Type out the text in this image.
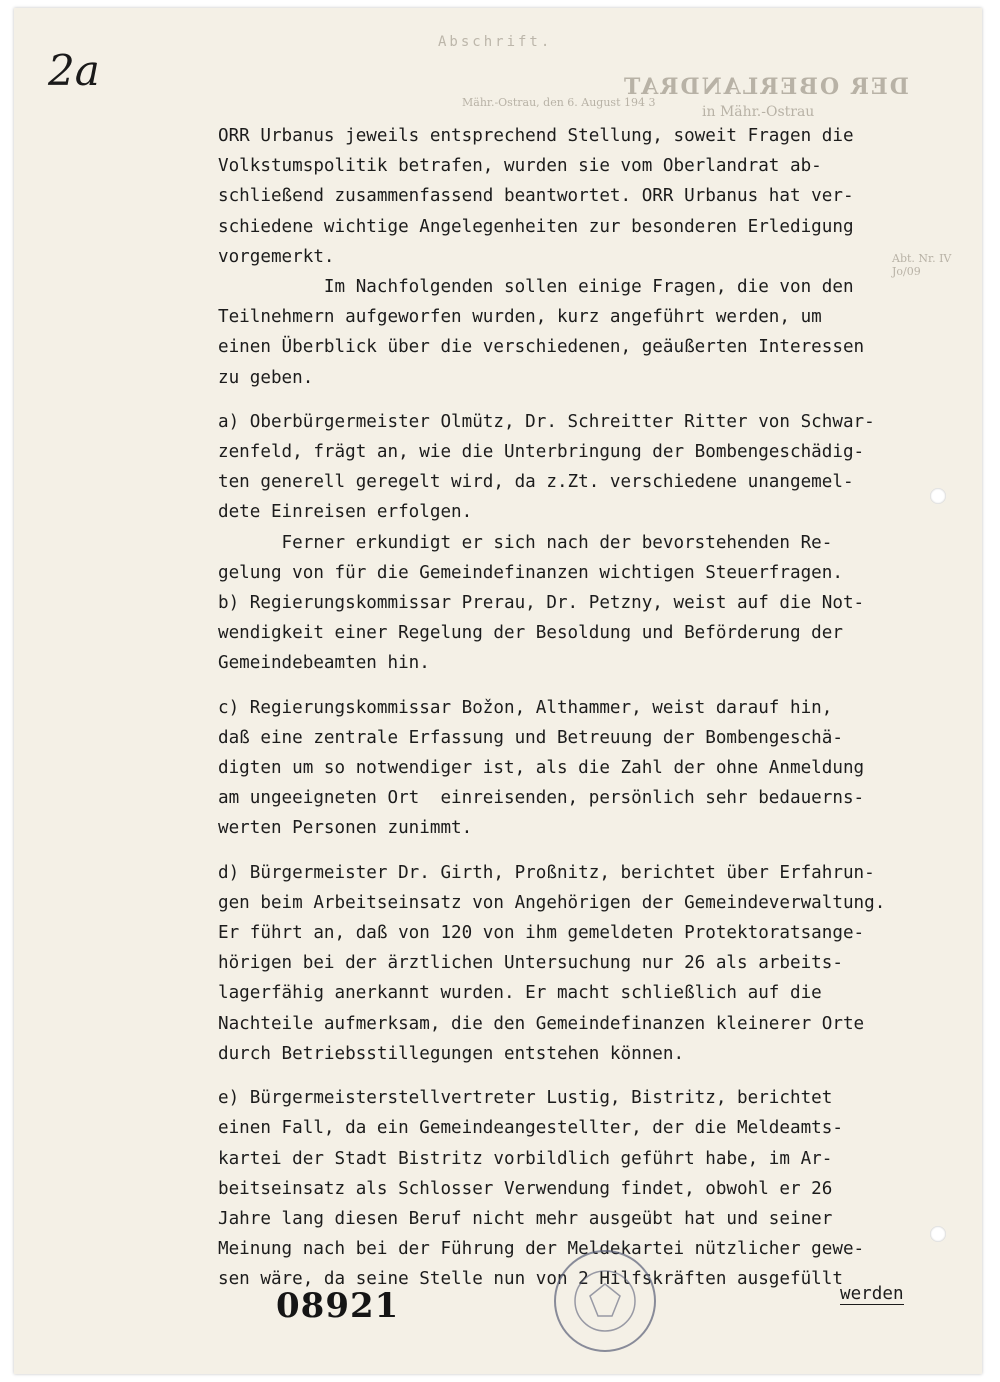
2a
Abschrift.
DER OBERLANDRAT
in Mähr.-Ostrau
Mähr.-Ostrau, den 6. August 194 3
Abt. Nr. IV Jo/09

ORR Urbanus jeweils entsprechend Stellung, soweit Fragen die

Volkstumspolitik betrafen, wurden sie vom Oberlandrat ab-

schließend zusammenfassend beantwortet. ORR Urbanus hat ver-

schiedene wichtige Angelegenheiten zur besonderen Erledigung

vorgemerkt.

Im Nachfolgenden sollen einige Fragen, die von den

Teilnehmern aufgeworfen wurden, kurz angeführt werden, um

einen Überblick über die verschiedenen, geäußerten Interessen

zu geben.

a) Oberbürgermeister Olmütz, Dr. Schreitter Ritter von Schwar-

zenfeld, frägt an, wie die Unterbringung der Bombengeschädig-

ten generell geregelt wird, da z.Zt. verschiedene unangemel-

dete Einreisen erfolgen.

Ferner erkundigt er sich nach der bevorstehenden Re-

gelung von für die Gemeindefinanzen wichtigen Steuerfragen.

b) Regierungskommissar Prerau, Dr. Petzny, weist auf die Not-

wendigkeit einer Regelung der Besoldung und Beförderung der

Gemeindebeamten hin.

c) Regierungskommissar Božon, Althammer, weist darauf hin,

daß eine zentrale Erfassung und Betreuung der Bombengeschä-

digten um so notwendiger ist, als die Zahl der ohne Anmeldung

am ungeeigneten Ort  einreisenden, persönlich sehr bedauerns-

werten Personen zunimmt.

d) Bürgermeister Dr. Girth, Proßnitz, berichtet über Erfahrun-

gen beim Arbeitseinsatz von Angehörigen der Gemeindeverwaltung.

Er führt an, daß von 120 von ihm gemeldeten Protektoratsange-

hörigen bei der ärztlichen Untersuchung nur 26 als arbeits-

lagerfähig anerkannt wurden. Er macht schließlich auf die

Nachteile aufmerksam, die den Gemeindefinanzen kleinerer Orte

durch Betriebsstillegungen entstehen können.

e) Bürgermeisterstellvertreter Lustig, Bistritz, berichtet

einen Fall, da ein Gemeindeangestellter, der die Meldeamts-

kartei der Stadt Bistritz vorbildlich geführt habe, im Ar-

beitseinsatz als Schlosser Verwendung findet, obwohl er 26

Jahre lang diesen Beruf nicht mehr ausgeübt hat und seiner

Meinung nach bei der Führung der Meldekartei nützlicher gewe-

sen wäre, da seine Stelle nun von 2 Hilfskräften ausgefüllt

08921	werden
